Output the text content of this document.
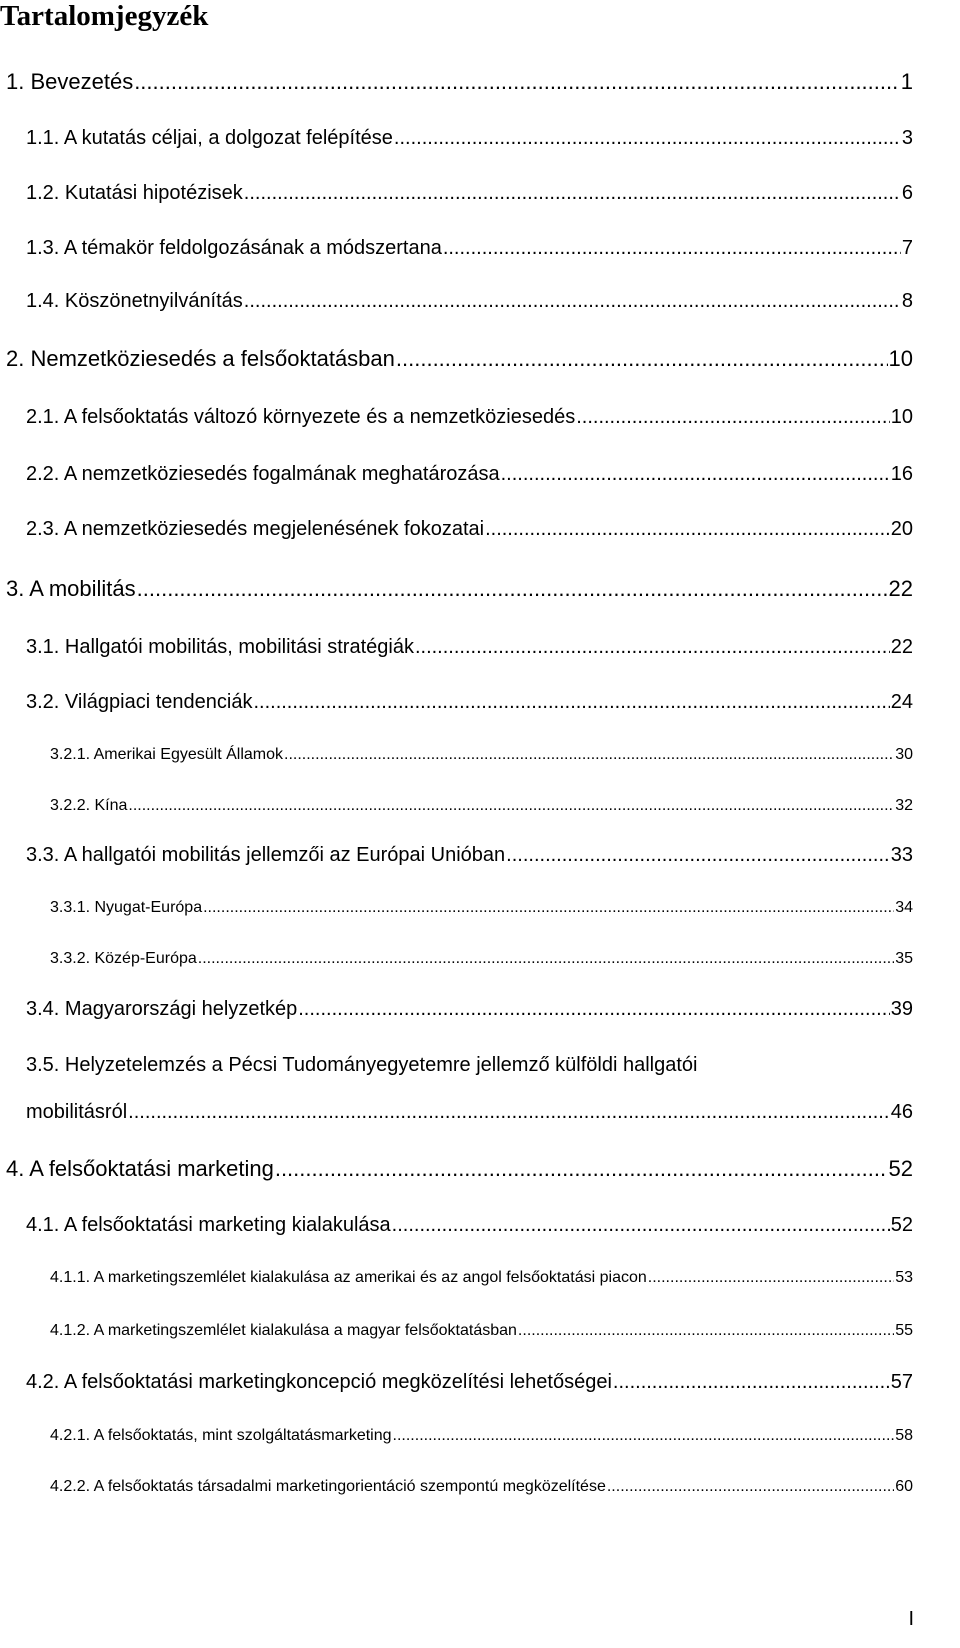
Tartalomjegyzék
1. Bevezetés .....	1
1.1. A kutatás céljai, a dolgozat felépítése .....	3
1.2. Kutatási hipotézisek .....	6
1.3. A témakör feldolgozásának a módszertana .....	7
1.4. Köszönetnyilvánítás .....	8
2. Nemzetköziesedés a felsőoktatásban .....	10
2.1. A felsőoktatás változó környezete és a nemzetköziesedés .....	10
2.2. A nemzetköziesedés fogalmának meghatározása .....	16
2.3. A nemzetköziesedés megjelenésének fokozatai .....	20
3. A mobilitás .....	22
3.1. Hallgatói mobilitás, mobilitási stratégiák .....	22
3.2. Világpiaci tendenciák .....	24
3.2.1. Amerikai Egyesült Államok .....	30
3.2.2. Kína .....	32
3.3. A hallgatói mobilitás jellemzői az Európai Unióban .....	33
3.3.1. Nyugat-Európa .....	34
3.3.2. Közép-Európa .....	35
3.4. Magyarországi helyzetkép .....	39
3.5. Helyzetelemzés a Pécsi Tudományegyetemre jellemző külföldi hallgatói
mobilitásról .....	46
4. A felsőoktatási marketing .....	52
4.1. A felsőoktatási marketing kialakulása .....	52
4.1.1. A marketingszemlélet kialakulása az amerikai és az angol felsőoktatási piacon .....	53
4.1.2. A marketingszemlélet kialakulása a magyar felsőoktatásban .....	55
4.2. A felsőoktatási marketingkoncepció megközelítési lehetőségei .....	57
4.2.1. A felsőoktatás, mint szolgáltatásmarketing .....	58
4.2.2. A felsőoktatás társadalmi marketingorientáció szempontú megközelítése .....	60
I
